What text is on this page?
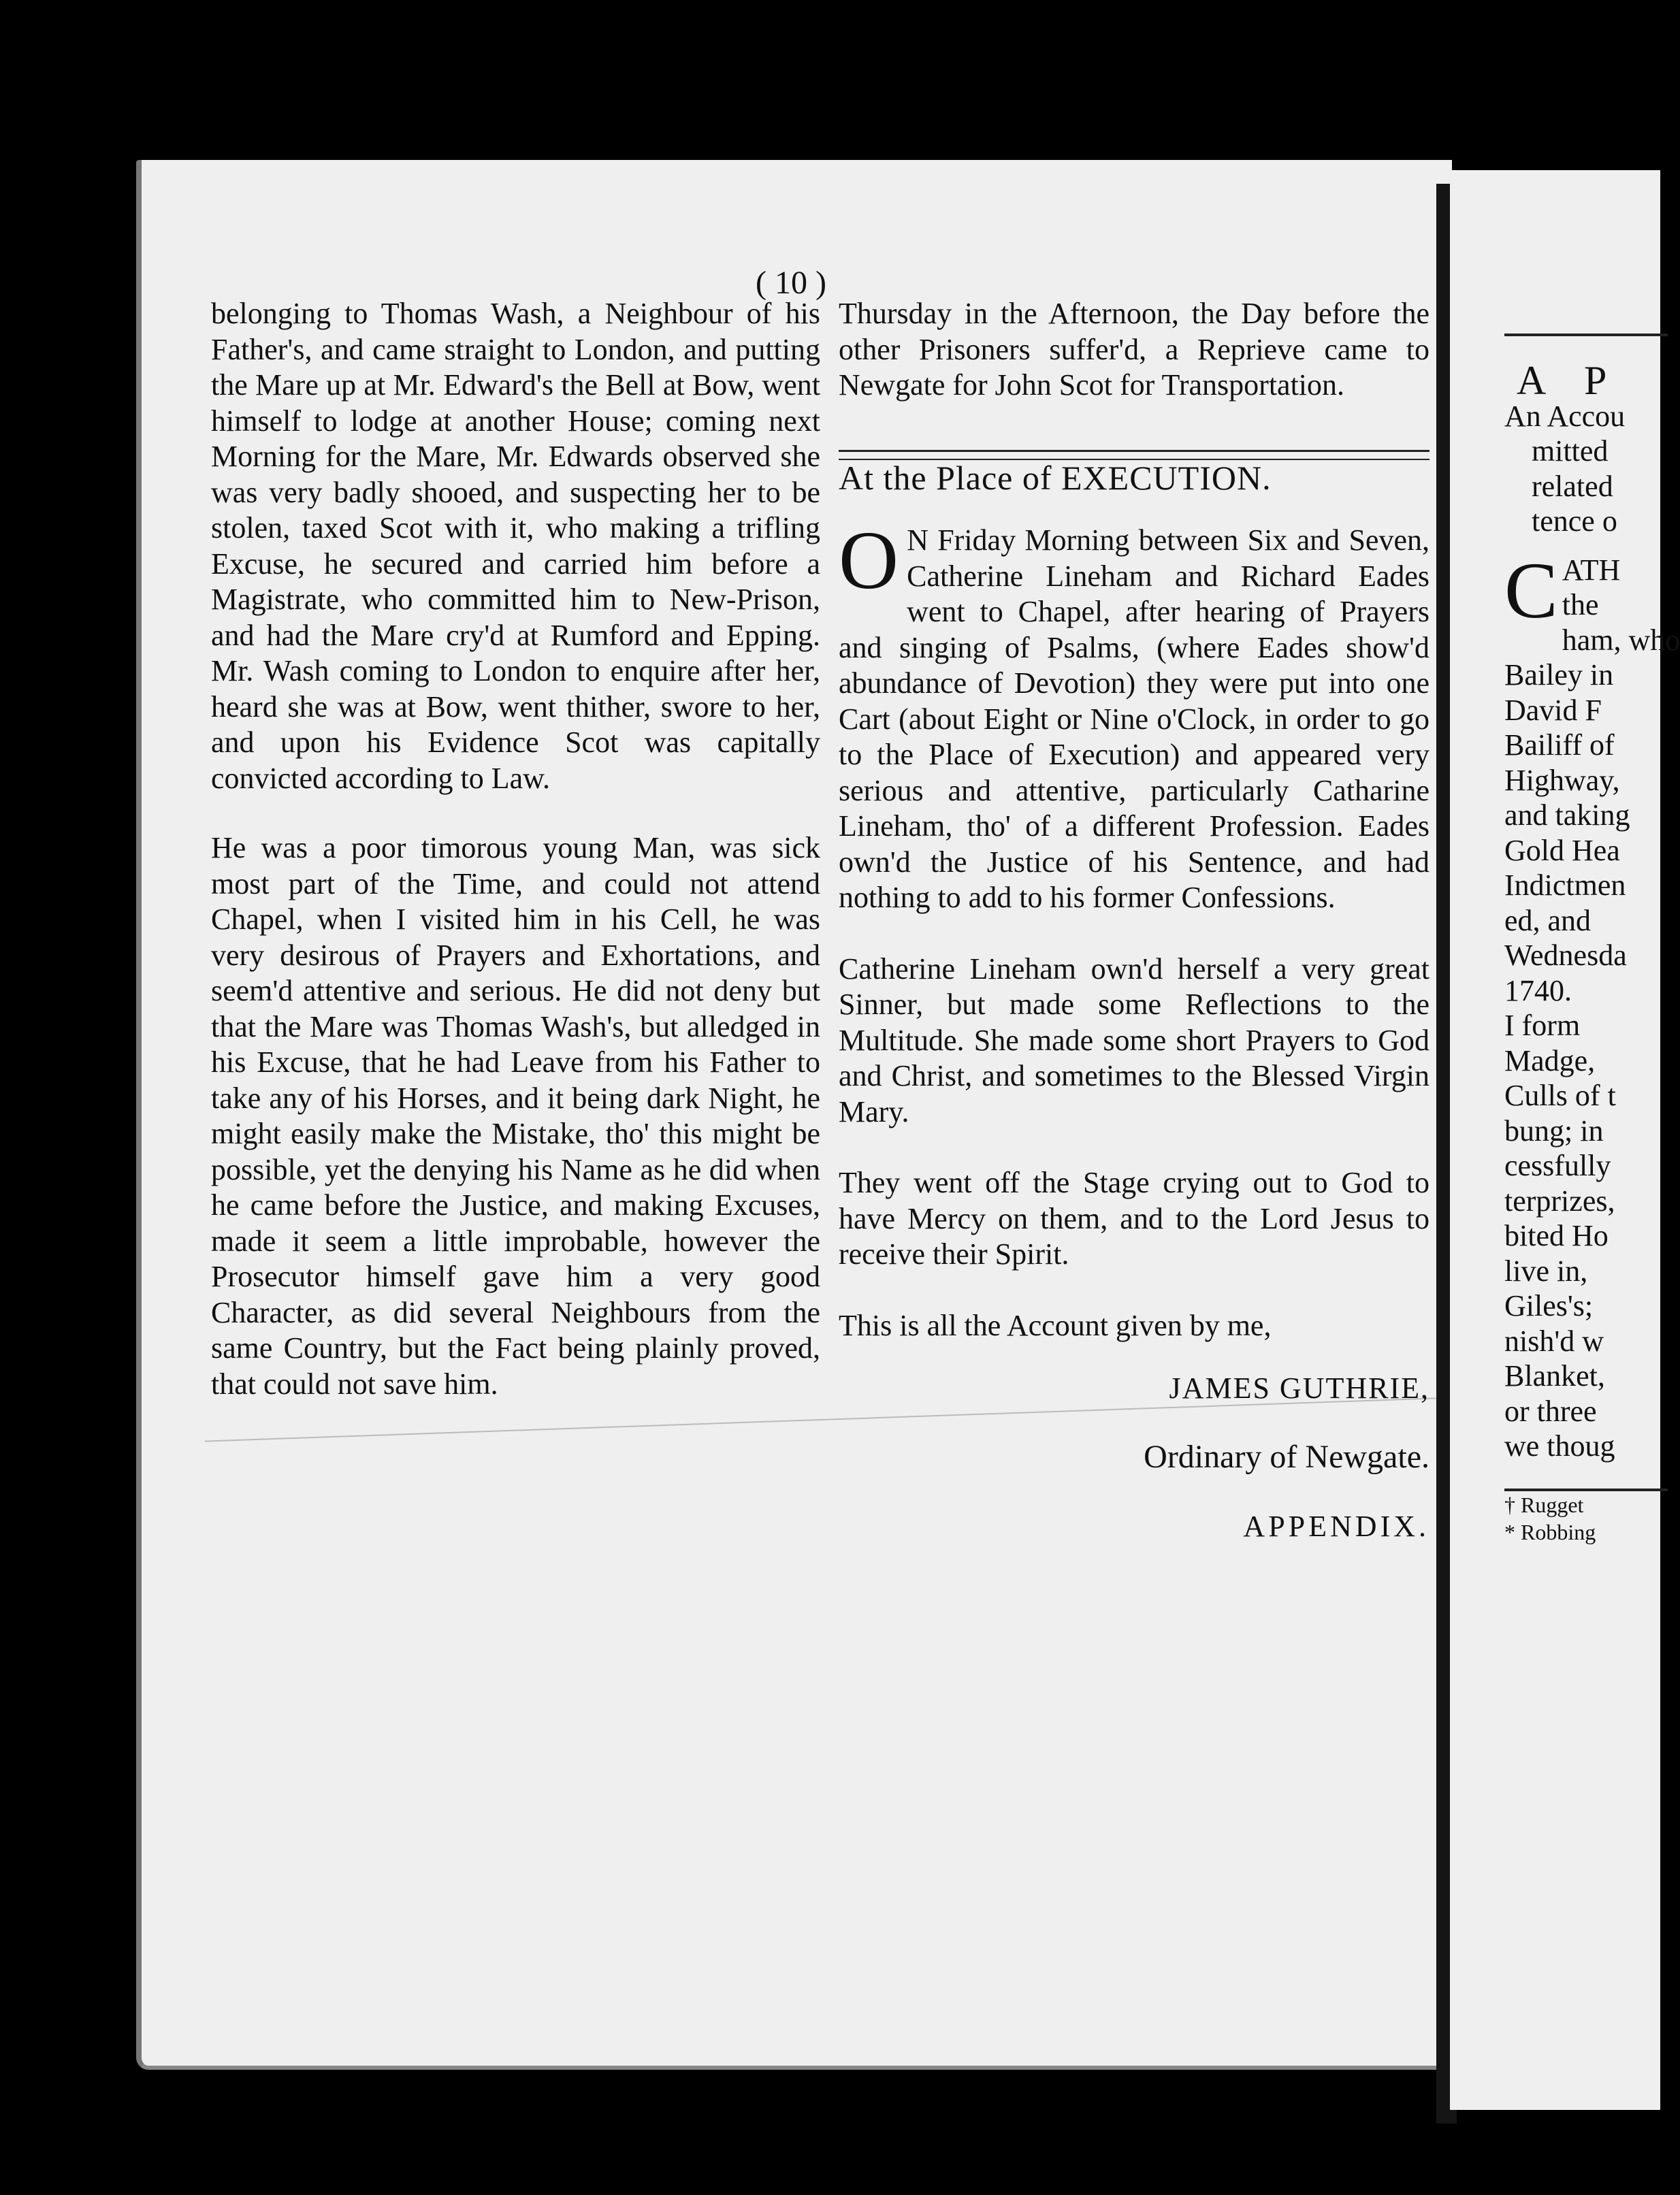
( 10 )

belonging to Thomas Wash, a Neighbour of his Father's, and came straight to London, and putting the Mare up at Mr. Edward's the Bell at Bow, went himself to lodge at another House; coming next Morning for the Mare, Mr. Edwards observed she was very badly shooed, and suspecting her to be stolen, taxed Scot with it, who making a trifling Excuse, he secured and carried him before a Magistrate, who committed him to New-Prison, and had the Mare cry'd at Rumford and Epping. Mr. Wash coming to London to enquire after her, heard she was at Bow, went thither, swore to her, and upon his Evidence Scot was capitally convicted according to Law.

He was a poor timorous young Man, was sick most part of the Time, and could not attend Chapel, when I visited him in his Cell, he was very desirous of Prayers and Exhortations, and seem'd attentive and serious. He did not deny but that the Mare was Thomas Wash's, but alledged in his Excuse, that he had Leave from his Father to take any of his Horses, and it being dark Night, he might easily make the Mistake, tho' this might be possible, yet the denying his Name as he did when he came before the Justice, and making Excuses, made it seem a little improbable, however the Prosecutor himself gave him a very good Character, as did several Neighbours from the same Country, but the Fact being plainly proved, that could not save him.

Thursday in the Afternoon, the Day before the other Prisoners suffer'd, a Reprieve came to Newgate for John Scot for Transportation.

At the Place of EXECUTION.

O N Friday Morning between Six and Seven, Catherine Lineham and Richard Eades went to Chapel, after hearing of Prayers and singing of Psalms, (where Eades show'd abundance of Devotion) they were put into one Cart (about Eight or Nine o'Clock, in order to go to the Place of Execution) and appeared very serious and attentive, particularly Catharine Lineham, tho' of a different Profession. Eades own'd the Justice of his Sentence, and had nothing to add to his former Confessions.

Catherine Lineham own'd herself a very great Sinner, but made some Reflections to the Multitude. She made some short Prayers to God and Christ, and sometimes to the Blessed Virgin Mary.

They went off the Stage crying out to God to have Mercy on them, and to the Lord Jesus to receive their Spirit.

This is all the Account given by me,

JAMES GUTHRIE,

Ordinary of Newgate.

APPENDIX.

A P
An Accou
mitted
related
tence o
C ATH
the
ham, who
Bailey in
David F
Bailiff of
Highway,
and taking
Gold Hea
Indictmen
ed, and
Wednesda
1740.
I form
Madge,
Culls of t
bung; in
cessfully
terprizes,
bited Ho
live in,
Giles's;
nish'd w
Blanket,
or three
we thoug
† Rugget
* Robbing
